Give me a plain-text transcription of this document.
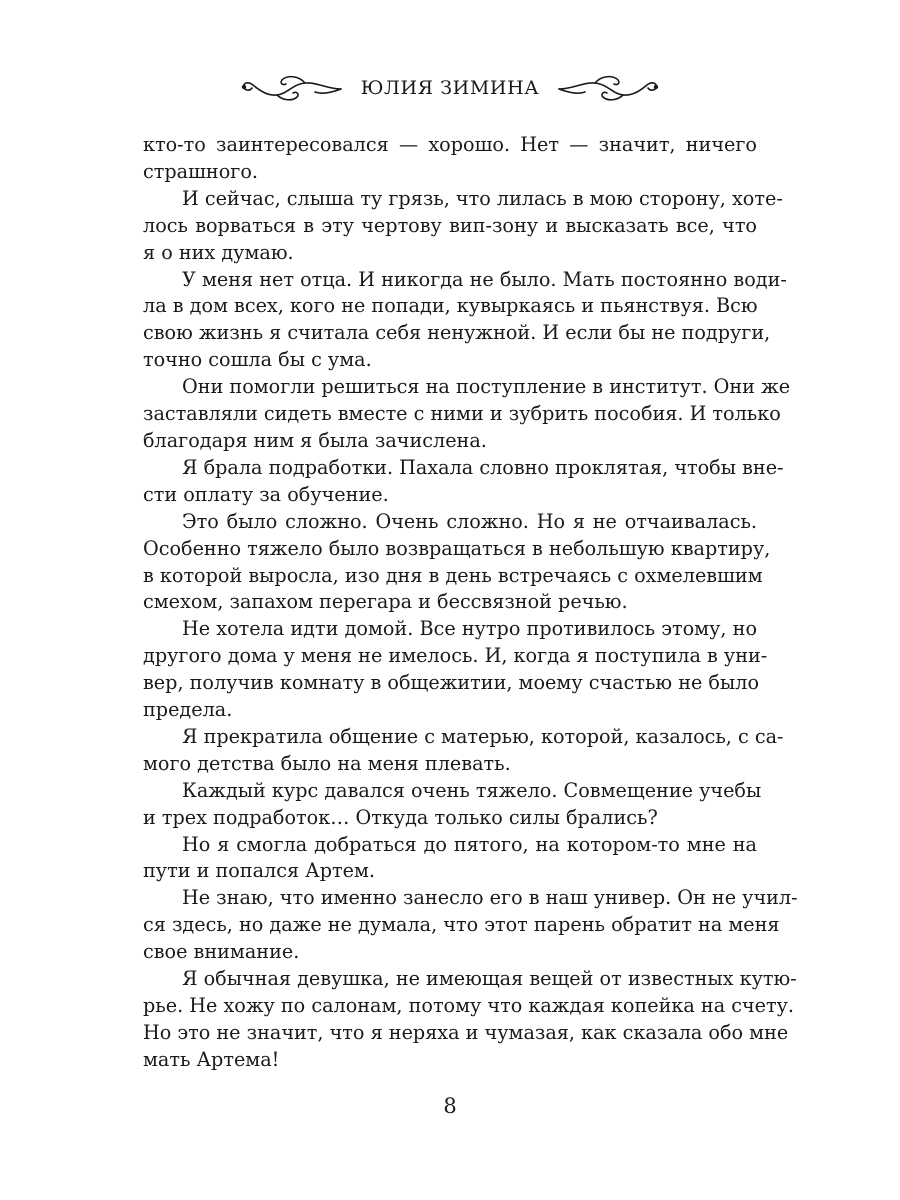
ЮЛИЯ ЗИМИНА

кто-то заинтересовался — хорошо. Нет — значит, ничего
страшного.

И сейчас, слыша ту грязь, что лилась в мою сторону, хоте-
лось ворваться в эту чертову вип-зону и высказать все, что
я о них думаю.

У меня нет отца. И никогда не было. Мать постоянно води-
ла в дом всех, кого не попади, кувыркаясь и пьянствуя. Всю
свою жизнь я считала себя ненужной. И если бы не подруги,
точно сошла бы с ума.

Они помогли решиться на поступление в институт. Они же
заставляли сидеть вместе с ними и зубрить пособия. И только
благодаря ним я была зачислена.

Я брала подработки. Пахала словно проклятая, чтобы вне-
сти оплату за обучение.

Это было сложно. Очень сложно. Но я не отчаивалась.
Особенно тяжело было возвращаться в небольшую квартиру,
в которой выросла, изо дня в день встречаясь с охмелевшим
смехом, запахом перегара и бессвязной речью.

Не хотела идти домой. Все нутро противилось этому, но
другого дома у меня не имелось. И, когда я поступила в уни-
вер, получив комнату в общежитии, моему счастью не было
предела.

Я прекратила общение с матерью, которой, казалось, с са-
мого детства было на меня плевать.

Каждый курс давался очень тяжело. Совмещение учебы
и трех подработок… Откуда только силы брались?

Но я смогла добраться до пятого, на котором-то мне на
пути и попался Артем.

Не знаю, что именно занесло его в наш универ. Он не учил-
ся здесь, но даже не думала, что этот парень обратит на меня
свое внимание.

Я обычная девушка, не имеющая вещей от известных кутю-
рье. Не хожу по салонам, потому что каждая копейка на счету.
Но это не значит, что я неряха и чумазая, как сказала обо мне
мать Артема!

8
